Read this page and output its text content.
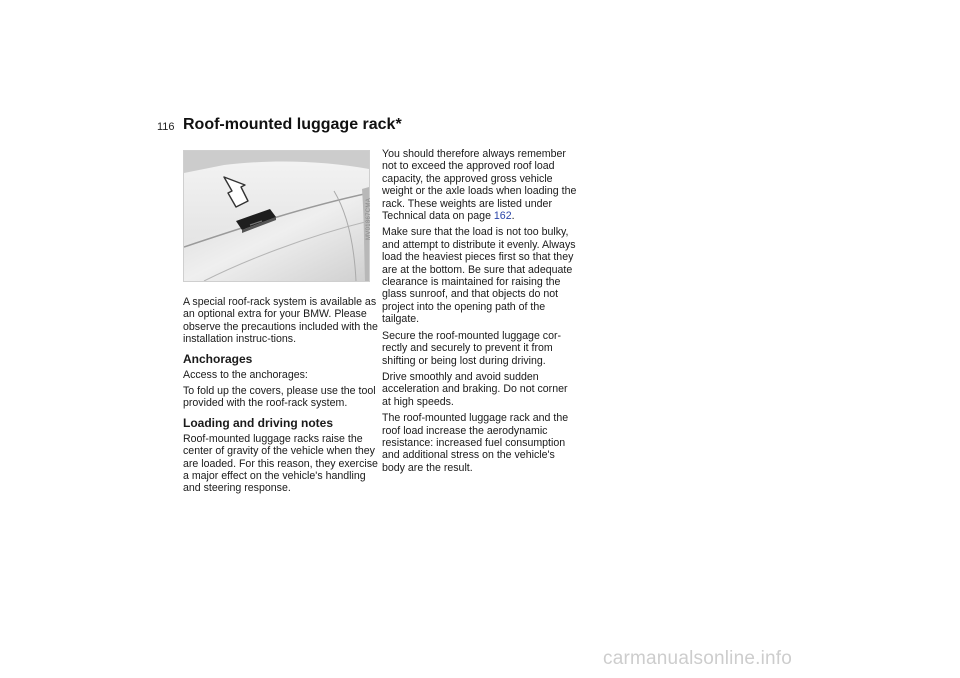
116 Roof-mounted luggage rack*
MV01867CMA

A special roof-rack system is available as an optional extra for your BMW. Please observe the precautions included with the installation instruc-tions.

Anchorages

Access to the anchorages:

To fold up the covers, please use the tool provided with the roof-rack system.

Loading and driving notes

Roof-mounted luggage racks raise the center of gravity of the vehicle when they are loaded. For this reason, they exercise a major effect on the vehicle's handling and steering response.

You should therefore always remember not to exceed the approved roof load capacity, the approved gross vehicle weight or the axle loads when loading the rack. These weights are listed under Technical data on page 162.

Make sure that the load is not too bulky, and attempt to distribute it evenly. Always load the heaviest pieces first so that they are at the bottom. Be sure that adequate clearance is maintained for raising the glass sunroof, and that objects do not project into the opening path of the tailgate.

Secure the roof-mounted luggage cor-rectly and securely to prevent it from shifting or being lost during driving.

Drive smoothly and avoid sudden acceleration and braking. Do not corner at high speeds.

The roof-mounted luggage rack and the roof load increase the aerodynamic resistance: increased fuel consumption and additional stress on the vehicle's body are the result.

carmanualsonline.info
